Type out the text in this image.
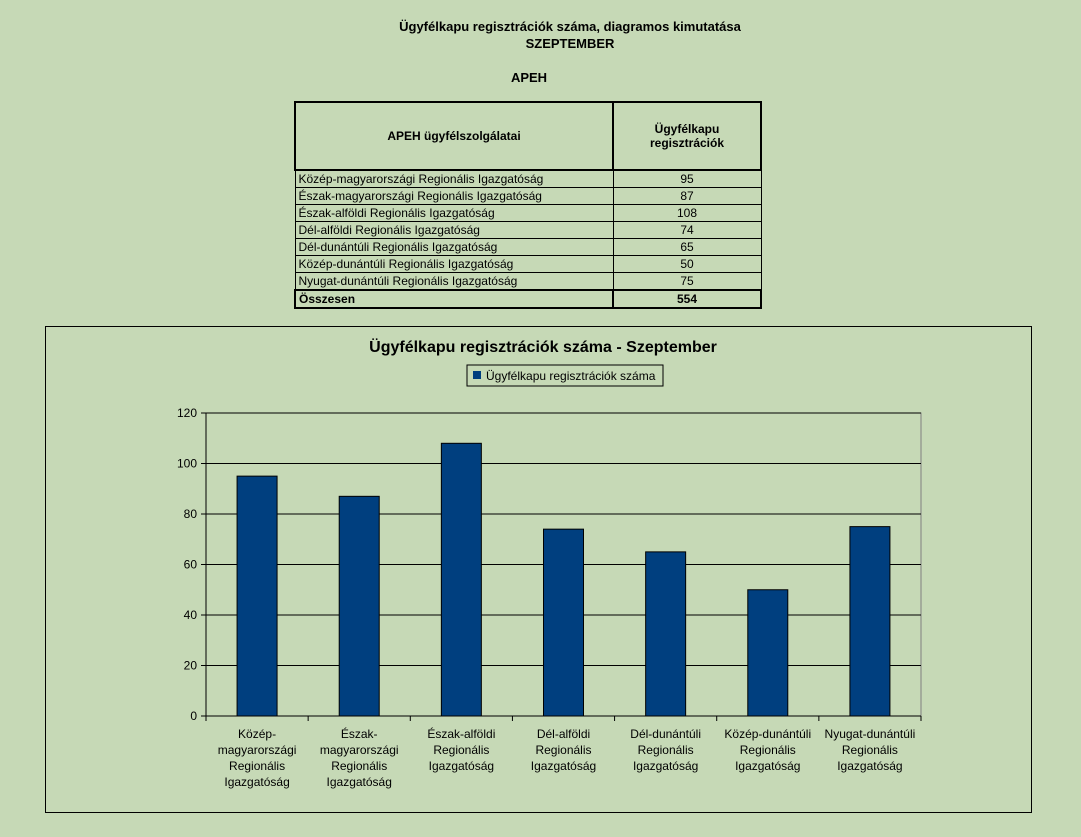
Ügyfélkapu regisztrációk száma, diagramos kimutatása
SZEPTEMBER
APEH
APEH ügyfélszolgálatai	Ügyfélkapu
regisztrációk
Közép-magyarországi Regionális Igazgatóság	95
Észak-magyarországi Regionális Igazgatóság	87
Észak-alföldi Regionális Igazgatóság	108
Dél-alföldi Regionális Igazgatóság	74
Dél-dunántúli Regionális Igazgatóság	65
Közép-dunántúli Regionális Igazgatóság	50
Nyugat-dunántúli Regionális Igazgatóság	75
Összesen	554
Ügyfélkapu regisztrációk száma - Szeptember
Ügyfélkapu regisztrációk száma
0
20
40
60
80
100
120
Közép-magyarországi Regionális Igazgatóság
Észak-magyarországi Regionális Igazgatóság
Észak-alföldi Regionális Igazgatóság
Dél-alföldi Regionális Igazgatóság
Dél-dunántúli Regionális Igazgatóság
Közép-dunántúli Regionális Igazgatóság
Nyugat-dunántúli Regionális Igazgatóság
